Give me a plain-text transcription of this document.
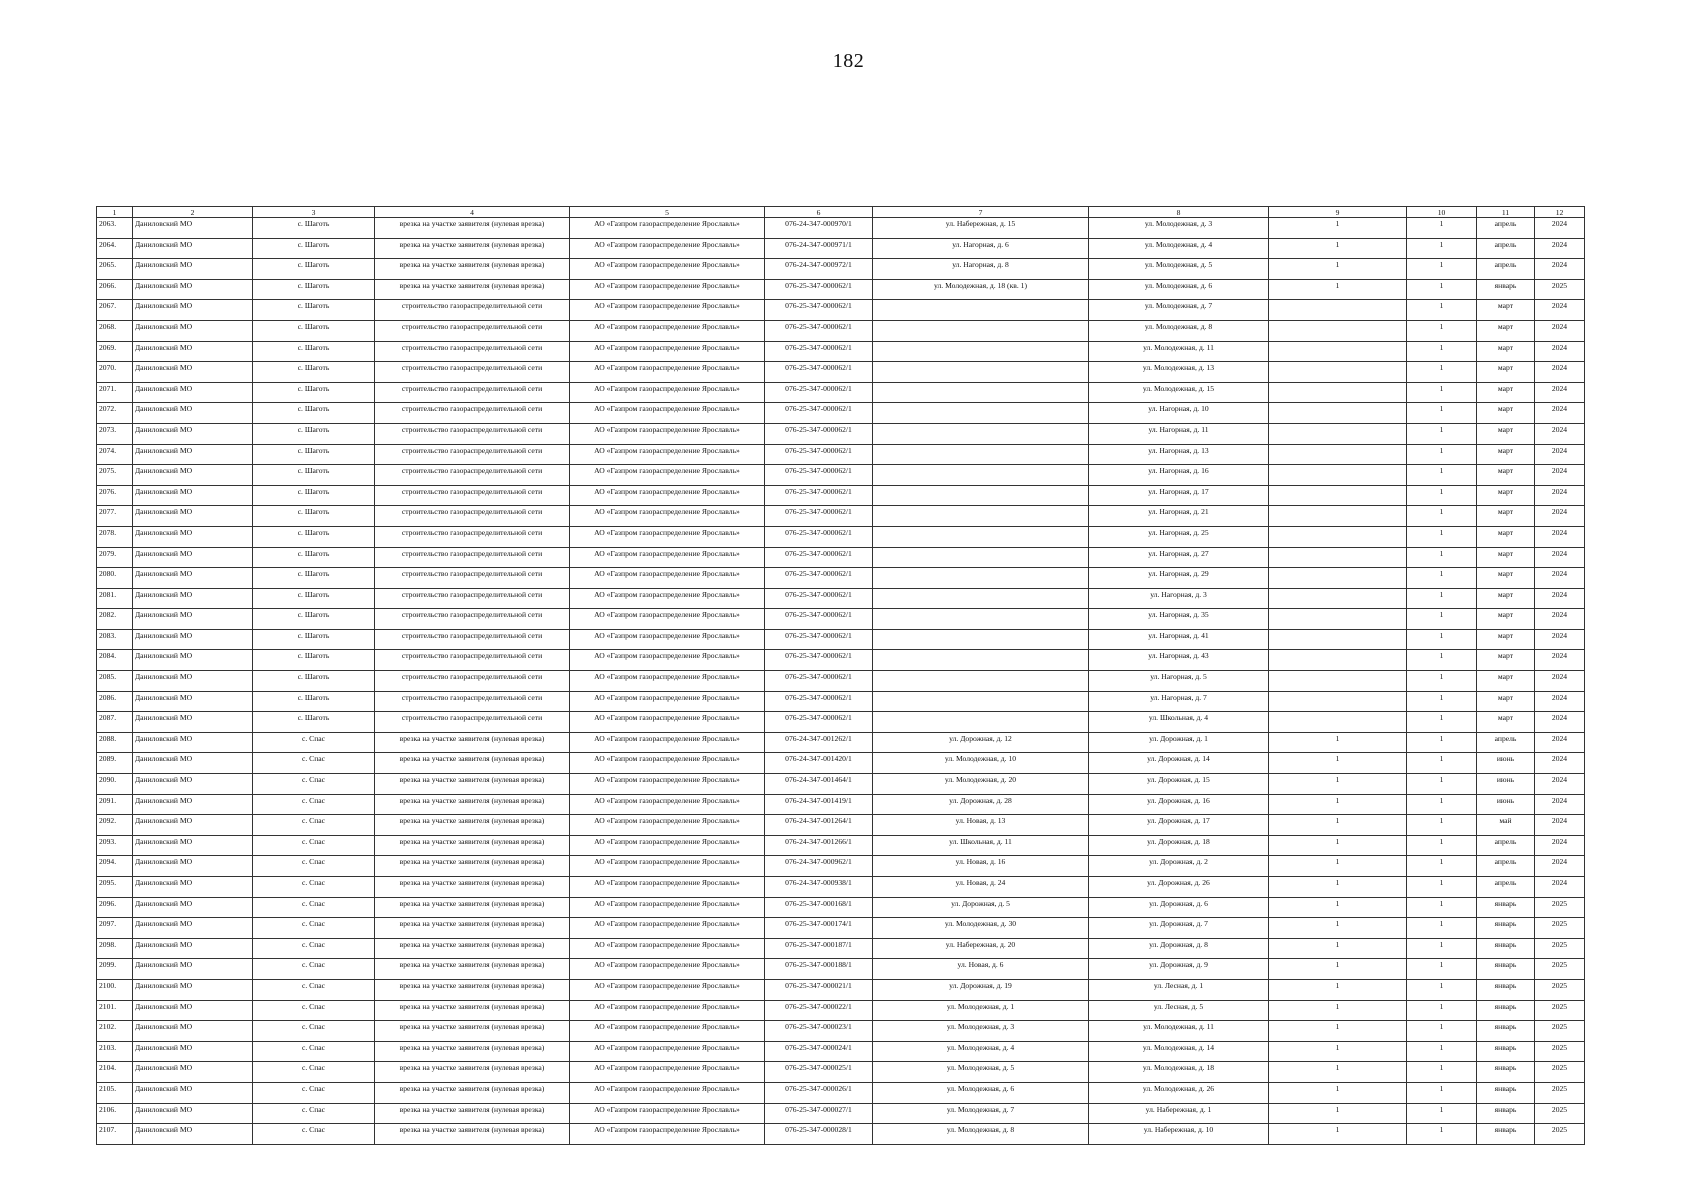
182
1	2	3	4	5	6	7	8	9	10	11	12
2063.	Даниловский МО	с. Шаготь	врезка на участке заявителя (нулевая врезка)	АО «Газпром газораспределение Ярославль»	076-24-347-000970/1	ул. Набережная, д. 15	ул. Молодежная, д. 3	1	1	апрель	2024
2064.	Даниловский МО	с. Шаготь	врезка на участке заявителя (нулевая врезка)	АО «Газпром газораспределение Ярославль»	076-24-347-000971/1	ул. Нагорная, д. 6	ул. Молодежная, д. 4	1	1	апрель	2024
2065.	Даниловский МО	с. Шаготь	врезка на участке заявителя (нулевая врезка)	АО «Газпром газораспределение Ярославль»	076-24-347-000972/1	ул. Нагорная, д. 8	ул. Молодежная, д. 5	1	1	апрель	2024
2066.	Даниловский МО	с. Шаготь	врезка на участке заявителя (нулевая врезка)	АО «Газпром газораспределение Ярославль»	076-25-347-000062/1	ул. Молодежная, д. 18 (кв. 1)	ул. Молодежная, д. 6	1	1	январь	2025
2067.	Даниловский МО	с. Шаготь	строительство газораспределительной сети	АО «Газпром газораспределение Ярославль»	076-25-347-000062/1		ул. Молодежная, д. 7		1	март	2024
2068.	Даниловский МО	с. Шаготь	строительство газораспределительной сети	АО «Газпром газораспределение Ярославль»	076-25-347-000062/1		ул. Молодежная, д. 8		1	март	2024
2069.	Даниловский МО	с. Шаготь	строительство газораспределительной сети	АО «Газпром газораспределение Ярославль»	076-25-347-000062/1		ул. Молодежная, д. 11		1	март	2024
2070.	Даниловский МО	с. Шаготь	строительство газораспределительной сети	АО «Газпром газораспределение Ярославль»	076-25-347-000062/1		ул. Молодежная, д. 13		1	март	2024
2071.	Даниловский МО	с. Шаготь	строительство газораспределительной сети	АО «Газпром газораспределение Ярославль»	076-25-347-000062/1		ул. Молодежная, д. 15		1	март	2024
2072.	Даниловский МО	с. Шаготь	строительство газораспределительной сети	АО «Газпром газораспределение Ярославль»	076-25-347-000062/1		ул. Нагорная, д. 10		1	март	2024
2073.	Даниловский МО	с. Шаготь	строительство газораспределительной сети	АО «Газпром газораспределение Ярославль»	076-25-347-000062/1		ул. Нагорная, д. 11		1	март	2024
2074.	Даниловский МО	с. Шаготь	строительство газораспределительной сети	АО «Газпром газораспределение Ярославль»	076-25-347-000062/1		ул. Нагорная, д. 13		1	март	2024
2075.	Даниловский МО	с. Шаготь	строительство газораспределительной сети	АО «Газпром газораспределение Ярославль»	076-25-347-000062/1		ул. Нагорная, д. 16		1	март	2024
2076.	Даниловский МО	с. Шаготь	строительство газораспределительной сети	АО «Газпром газораспределение Ярославль»	076-25-347-000062/1		ул. Нагорная, д. 17		1	март	2024
2077.	Даниловский МО	с. Шаготь	строительство газораспределительной сети	АО «Газпром газораспределение Ярославль»	076-25-347-000062/1		ул. Нагорная, д. 21		1	март	2024
2078.	Даниловский МО	с. Шаготь	строительство газораспределительной сети	АО «Газпром газораспределение Ярославль»	076-25-347-000062/1		ул. Нагорная, д. 25		1	март	2024
2079.	Даниловский МО	с. Шаготь	строительство газораспределительной сети	АО «Газпром газораспределение Ярославль»	076-25-347-000062/1		ул. Нагорная, д. 27		1	март	2024
2080.	Даниловский МО	с. Шаготь	строительство газораспределительной сети	АО «Газпром газораспределение Ярославль»	076-25-347-000062/1		ул. Нагорная, д. 29		1	март	2024
2081.	Даниловский МО	с. Шаготь	строительство газораспределительной сети	АО «Газпром газораспределение Ярославль»	076-25-347-000062/1		ул. Нагорная, д. 3		1	март	2024
2082.	Даниловский МО	с. Шаготь	строительство газораспределительной сети	АО «Газпром газораспределение Ярославль»	076-25-347-000062/1		ул. Нагорная, д. 35		1	март	2024
2083.	Даниловский МО	с. Шаготь	строительство газораспределительной сети	АО «Газпром газораспределение Ярославль»	076-25-347-000062/1		ул. Нагорная, д. 41		1	март	2024
2084.	Даниловский МО	с. Шаготь	строительство газораспределительной сети	АО «Газпром газораспределение Ярославль»	076-25-347-000062/1		ул. Нагорная, д. 43		1	март	2024
2085.	Даниловский МО	с. Шаготь	строительство газораспределительной сети	АО «Газпром газораспределение Ярославль»	076-25-347-000062/1		ул. Нагорная, д. 5		1	март	2024
2086.	Даниловский МО	с. Шаготь	строительство газораспределительной сети	АО «Газпром газораспределение Ярославль»	076-25-347-000062/1		ул. Нагорная, д. 7		1	март	2024
2087.	Даниловский МО	с. Шаготь	строительство газораспределительной сети	АО «Газпром газораспределение Ярославль»	076-25-347-000062/1		ул. Школьная, д. 4		1	март	2024
2088.	Даниловский МО	с. Спас	врезка на участке заявителя (нулевая врезка)	АО «Газпром газораспределение Ярославль»	076-24-347-001262/1	ул. Дорожная, д. 12	ул. Дорожная, д. 1	1	1	апрель	2024
2089.	Даниловский МО	с. Спас	врезка на участке заявителя (нулевая врезка)	АО «Газпром газораспределение Ярославль»	076-24-347-001420/1	ул. Молодежная, д. 10	ул. Дорожная, д. 14	1	1	июнь	2024
2090.	Даниловский МО	с. Спас	врезка на участке заявителя (нулевая врезка)	АО «Газпром газораспределение Ярославль»	076-24-347-001464/1	ул. Молодежная, д. 20	ул. Дорожная, д. 15	1	1	июнь	2024
2091.	Даниловский МО	с. Спас	врезка на участке заявителя (нулевая врезка)	АО «Газпром газораспределение Ярославль»	076-24-347-001419/1	ул. Дорожная, д. 28	ул. Дорожная, д. 16	1	1	июнь	2024
2092.	Даниловский МО	с. Спас	врезка на участке заявителя (нулевая врезка)	АО «Газпром газораспределение Ярославль»	076-24-347-001264/1	ул. Новая, д. 13	ул. Дорожная, д. 17	1	1	май	2024
2093.	Даниловский МО	с. Спас	врезка на участке заявителя (нулевая врезка)	АО «Газпром газораспределение Ярославль»	076-24-347-001266/1	ул. Школьная, д. 11	ул. Дорожная, д. 18	1	1	апрель	2024
2094.	Даниловский МО	с. Спас	врезка на участке заявителя (нулевая врезка)	АО «Газпром газораспределение Ярославль»	076-24-347-000962/1	ул. Новая, д. 16	ул. Дорожная, д. 2	1	1	апрель	2024
2095.	Даниловский МО	с. Спас	врезка на участке заявителя (нулевая врезка)	АО «Газпром газораспределение Ярославль»	076-24-347-000938/1	ул. Новая, д. 24	ул. Дорожная, д. 26	1	1	апрель	2024
2096.	Даниловский МО	с. Спас	врезка на участке заявителя (нулевая врезка)	АО «Газпром газораспределение Ярославль»	076-25-347-000168/1	ул. Дорожная, д. 5	ул. Дорожная, д. 6	1	1	январь	2025
2097.	Даниловский МО	с. Спас	врезка на участке заявителя (нулевая врезка)	АО «Газпром газораспределение Ярославль»	076-25-347-000174/1	ул. Молодежная, д. 30	ул. Дорожная, д. 7	1	1	январь	2025
2098.	Даниловский МО	с. Спас	врезка на участке заявителя (нулевая врезка)	АО «Газпром газораспределение Ярославль»	076-25-347-000187/1	ул. Набережная, д. 20	ул. Дорожная, д. 8	1	1	январь	2025
2099.	Даниловский МО	с. Спас	врезка на участке заявителя (нулевая врезка)	АО «Газпром газораспределение Ярославль»	076-25-347-000188/1	ул. Новая, д. 6	ул. Дорожная, д. 9	1	1	январь	2025
2100.	Даниловский МО	с. Спас	врезка на участке заявителя (нулевая врезка)	АО «Газпром газораспределение Ярославль»	076-25-347-000021/1	ул. Дорожная, д. 19	ул. Лесная, д. 1	1	1	январь	2025
2101.	Даниловский МО	с. Спас	врезка на участке заявителя (нулевая врезка)	АО «Газпром газораспределение Ярославль»	076-25-347-000022/1	ул. Молодежная, д. 1	ул. Лесная, д. 5	1	1	январь	2025
2102.	Даниловский МО	с. Спас	врезка на участке заявителя (нулевая врезка)	АО «Газпром газораспределение Ярославль»	076-25-347-000023/1	ул. Молодежная, д. 3	ул. Молодежная, д. 11	1	1	январь	2025
2103.	Даниловский МО	с. Спас	врезка на участке заявителя (нулевая врезка)	АО «Газпром газораспределение Ярославль»	076-25-347-000024/1	ул. Молодежная, д. 4	ул. Молодежная, д. 14	1	1	январь	2025
2104.	Даниловский МО	с. Спас	врезка на участке заявителя (нулевая врезка)	АО «Газпром газораспределение Ярославль»	076-25-347-000025/1	ул. Молодежная, д. 5	ул. Молодежная, д. 18	1	1	январь	2025
2105.	Даниловский МО	с. Спас	врезка на участке заявителя (нулевая врезка)	АО «Газпром газораспределение Ярославль»	076-25-347-000026/1	ул. Молодежная, д. 6	ул. Молодежная, д. 26	1	1	январь	2025
2106.	Даниловский МО	с. Спас	врезка на участке заявителя (нулевая врезка)	АО «Газпром газораспределение Ярославль»	076-25-347-000027/1	ул. Молодежная, д. 7	ул. Набережная, д. 1	1	1	январь	2025
2107.	Даниловский МО	с. Спас	врезка на участке заявителя (нулевая врезка)	АО «Газпром газораспределение Ярославль»	076-25-347-000028/1	ул. Молодежная, д. 8	ул. Набережная, д. 10	1	1	январь	2025
